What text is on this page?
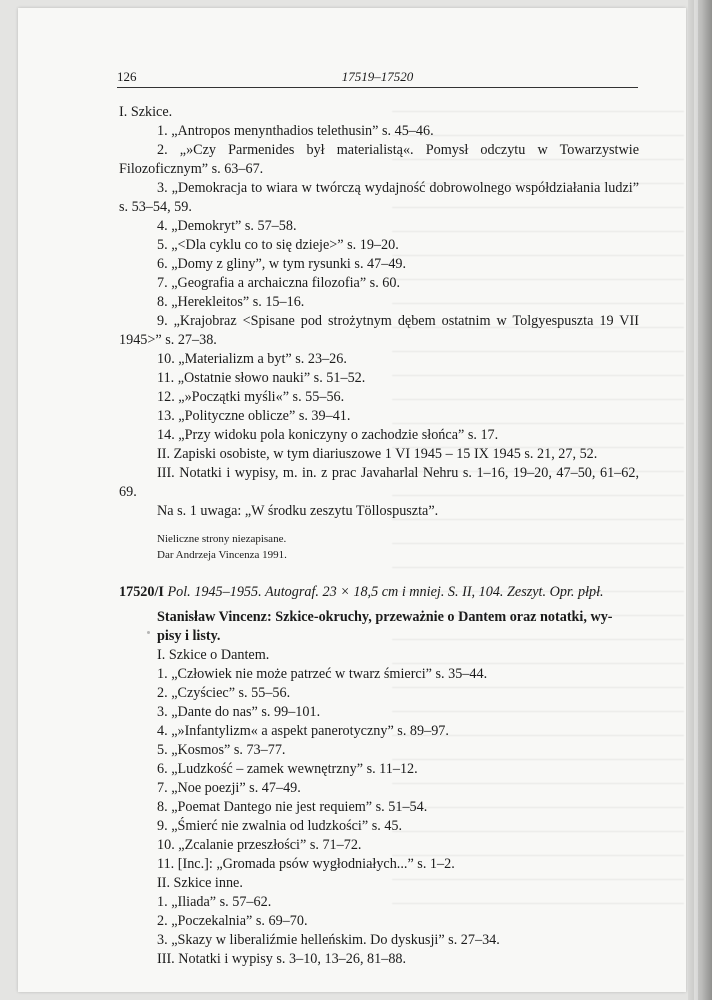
126	17519–17520

I. Szkice.

1. „Antropos menynthadios telethusin” s. 45–46.

2. „»Czy Parmenides był materialistą«. Pomysł odczytu w Towarzystwie Filozoficznym” s. 63–67.

3. „Demokracja to wiara w twórczą wydajność dobrowolnego współdziałania ludzi” s. 53–54, 59.

4. „Demokryt” s. 57–58.

5. „<Dla cyklu co to się dzieje>” s. 19–20.

6. „Domy z gliny”, w tym rysunki s. 47–49.

7. „Geografia a archaiczna filozofia” s. 60.

8. „Herekleitos” s. 15–16.

9. „Krajobraz <Spisane pod strożytnym dębem ostatnim w Tolgyespuszta 19 VII 1945>” s. 27–38.

10. „Materializm a byt” s. 23–26.

11. „Ostatnie słowo nauki” s. 51–52.

12. „»Początki myśli«” s. 55–56.

13. „Polityczne oblicze” s. 39–41.

14. „Przy widoku pola koniczyny o zachodzie słońca” s. 17.

II. Zapiski osobiste, w tym diariuszowe 1 VI 1945 – 15 IX 1945 s. 21, 27, 52.

III. Notatki i wypisy, m. in. z prac Javaharlal Nehru s. 1–16, 19–20, 47–50, 61–62, 69.

Na s. 1 uwaga: „W środku zeszytu Töllospuszta”.

Nieliczne strony niezapisane.
Dar Andrzeja Vincenza 1991.
17520/I Pol. 1945–1955. Autograf. 23 × 18,5 cm i mniej. S. II, 104. Zeszyt. Opr. płpł.
Stanisław Vincenz: Szkice-okruchy, przeważnie o Dantem oraz notatki, wy-
pisy i listy.

I. Szkice o Dantem.

1. „Człowiek nie może patrzeć w twarz śmierci” s. 35–44.

2. „Czyściec” s. 55–56.

3. „Dante do nas” s. 99–101.

4. „»Infantylizm« a aspekt panerotyczny” s. 89–97.

5. „Kosmos” s. 73–77.

6. „Ludzkość – zamek wewnętrzny” s. 11–12.

7. „Noe poezji” s. 47–49.

8. „Poemat Dantego nie jest requiem” s. 51–54.

9. „Śmierć nie zwalnia od ludzkości” s. 45.

10. „Zcalanie przeszłości” s. 71–72.

11. [Inc.]: „Gromada psów wygłodniałych...” s. 1–2.

II. Szkice inne.

1. „Iliada” s. 57–62.

2. „Poczekalnia” s. 69–70.

3. „Skazy w liberaliźmie helleńskim. Do dyskusji” s. 27–34.

III. Notatki i wypisy s. 3–10, 13–26, 81–88.
